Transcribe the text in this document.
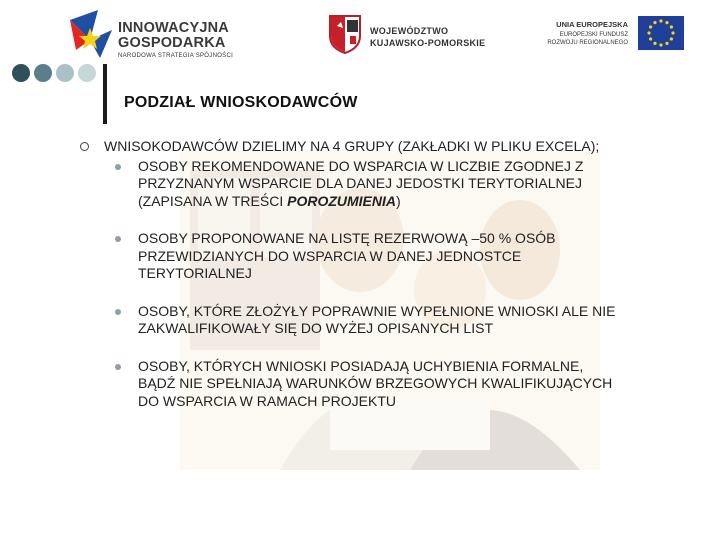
INNOWACYJNA
GOSPODARKA
NARODOWA STRATEGIA SPÓJNOŚCI
WOJEWÓDZTWO
KUJAWSKO-POMORSKIE
UNIA EUROPEJSKA
EUROPEJSKI FUNDUSZ
ROZWOJU REGIONALNEGO
PODZIAŁ WNIOSKODAWCÓW
WNISOKODAWCÓW DZIELIMY NA 4 GRUPY (ZAKŁADKI W PLIKU EXCELA);
OSOBY REKOMENDOWANE DO WSPARCIA W LICZBIE ZGODNEJ Z PRZYZNANYM WSPARCIE DLA DANEJ JEDOSTKI TERYTORIALNEJ (ZAPISANA W TREŚCI POROZUMIENIA)
OSOBY PROPONOWANE NA LISTĘ REZERWOWĄ –50 % OSÓB PRZEWIDZIANYCH DO WSPARCIA W DANEJ JEDNOSTCE TERYTORIALNEJ
OSOBY, KTÓRE ZŁOŻYŁY POPRAWNIE WYPEŁNIONE WNIOSKI ALE NIE ZAKWALIFIKOWAŁY SIĘ DO WYŻEJ OPISANYCH LIST
OSOBY, KTÓRYCH WNIOSKI POSIADAJĄ UCHYBIENIA FORMALNE, BĄDŹ NIE SPEŁNIAJĄ WARUNKÓW BRZEGOWYCH KWALIFIKUJĄCYCH DO WSPARCIA W RAMACH PROJEKTU
